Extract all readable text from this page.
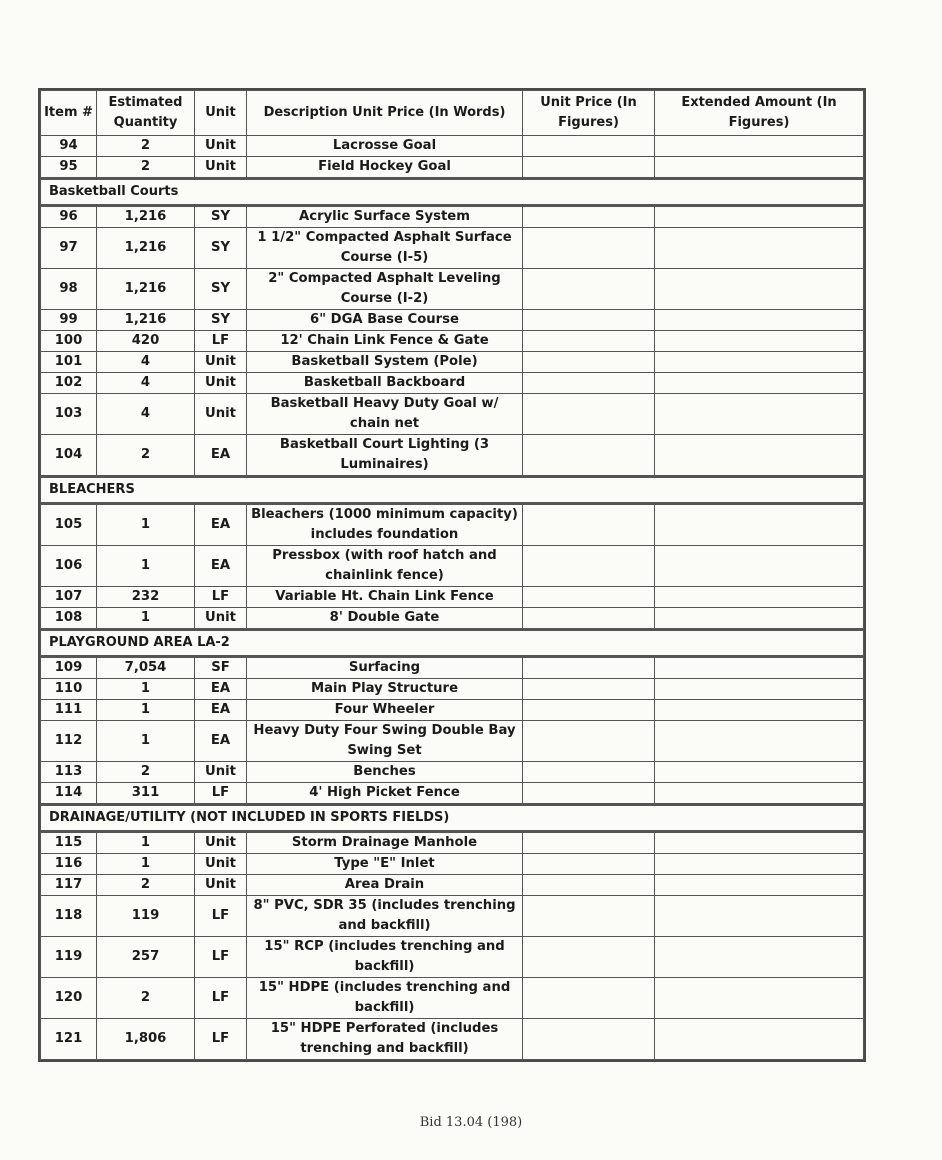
Item #	Estimated Quantity	Unit	Description Unit Price (In Words)	Unit Price (In Figures)	Extended Amount (In Figures)
94	2	Unit	Lacrosse Goal		
95	2	Unit	Field Hockey Goal		
Basketball Courts					
96	1,216	SY	Acrylic Surface System		
97	1,216	SY	1 1/2" Compacted Asphalt Surface Course (I-5)		
98	1,216	SY	2" Compacted Asphalt Leveling Course (I-2)		
99	1,216	SY	6" DGA Base Course		
100	420	LF	12' Chain Link Fence & Gate		
101	4	Unit	Basketball System (Pole)		
102	4	Unit	Basketball Backboard		
103	4	Unit	Basketball Heavy Duty Goal w/ chain net		
104	2	EA	Basketball Court Lighting (3 Luminaires)		
BLEACHERS					
105	1	EA	Bleachers (1000 minimum capacity) includes foundation		
106	1	EA	Pressbox (with roof hatch and chainlink fence)		
107	232	LF	Variable Ht. Chain Link Fence		
108	1	Unit	8' Double Gate		
PLAYGROUND AREA LA-2					
109	7,054	SF	Surfacing		
110	1	EA	Main Play Structure		
111	1	EA	Four Wheeler		
112	1	EA	Heavy Duty Four Swing Double Bay Swing Set		
113	2	Unit	Benches		
114	311	LF	4' High Picket Fence		
DRAINAGE/UTILITY (NOT INCLUDED IN SPORTS FIELDS)					
115	1	Unit	Storm Drainage Manhole		
116	1	Unit	Type "E" Inlet		
117	2	Unit	Area Drain		
118	119	LF	8" PVC, SDR 35 (includes trenching and backfill)		
119	257	LF	15" RCP (includes trenching and backfill)		
120	2	LF	15" HDPE (includes trenching and backfill)		
121	1,806	LF	15" HDPE Perforated (includes trenching and backfill)		
Bid 13.04 (198)
